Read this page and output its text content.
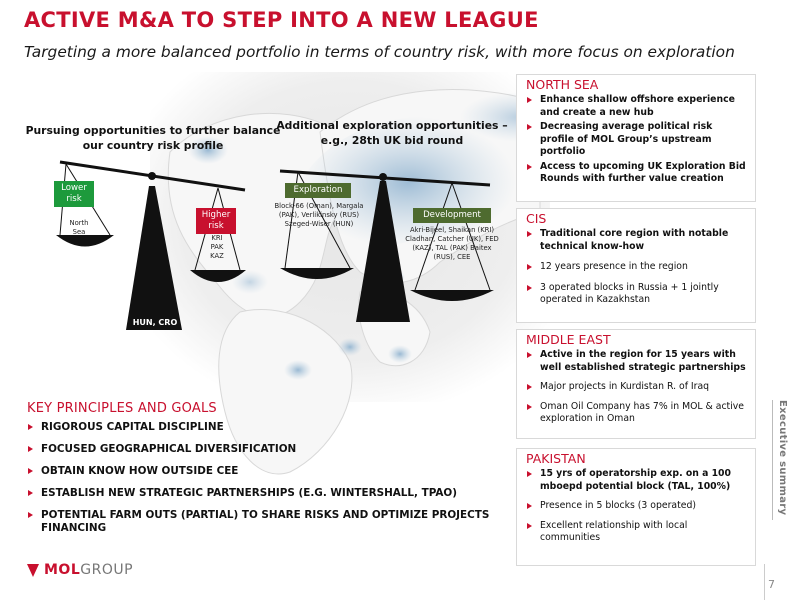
ACTIVE M&A TO STEP INTO A NEW LEAGUE
Targeting a more balanced portfolio in terms of country risk, with more focus on exploration
Pursuing opportunities to further balance our country risk profile
Additional exploration opportunities – e.g., 28th UK bid round
Lower risk
North Sea
Higher risk
KRI PAK KAZ
HUN, CRO
Exploration
Block-66 (Oman), Margala (PAK), Verlikinsky (RUS) Szeged-Wiser (HUN)
Development
Akri-Bijeel, Shaikan (KRI) Cladhan, Catcher (UK), FED (KAZ), TAL (PAK) Baitex (RUS), CEE
KEY PRINCIPLES AND GOALS
RIGOROUS CAPITAL DISCIPLINE
FOCUSED GEOGRAPHICAL DIVERSIFICATION
OBTAIN KNOW HOW OUTSIDE CEE
ESTABLISH NEW STRATEGIC PARTNERSHIPS (E.G. WINTERSHALL, TPAO)
POTENTIAL FARM OUTS (PARTIAL) TO SHARE RISKS AND OPTIMIZE PROJECTS FINANCING
NORTH SEA
Enhance shallow offshore experience and create a new hub
Decreasing average political risk profile of MOL Group’s upstream portfolio
Access to upcoming UK Exploration Bid Rounds with further value creation
CIS
Traditional core region with notable technical know-how
12 years presence in the region
3 operated blocks in Russia + 1 jointly operated in Kazakhstan
MIDDLE EAST
Active in the region for 15 years with well established strategic partnerships
Major projects in Kurdistan R. of Iraq
Oman Oil Company has 7% in MOL & active exploration in Oman
PAKISTAN
15 yrs of operatorship exp. on a 100 mboepd potential block (TAL, 100%)
Presence in 5 blocks (3 operated)
Excellent relationship with local communities
Executive summary
MOLGROUP
7
